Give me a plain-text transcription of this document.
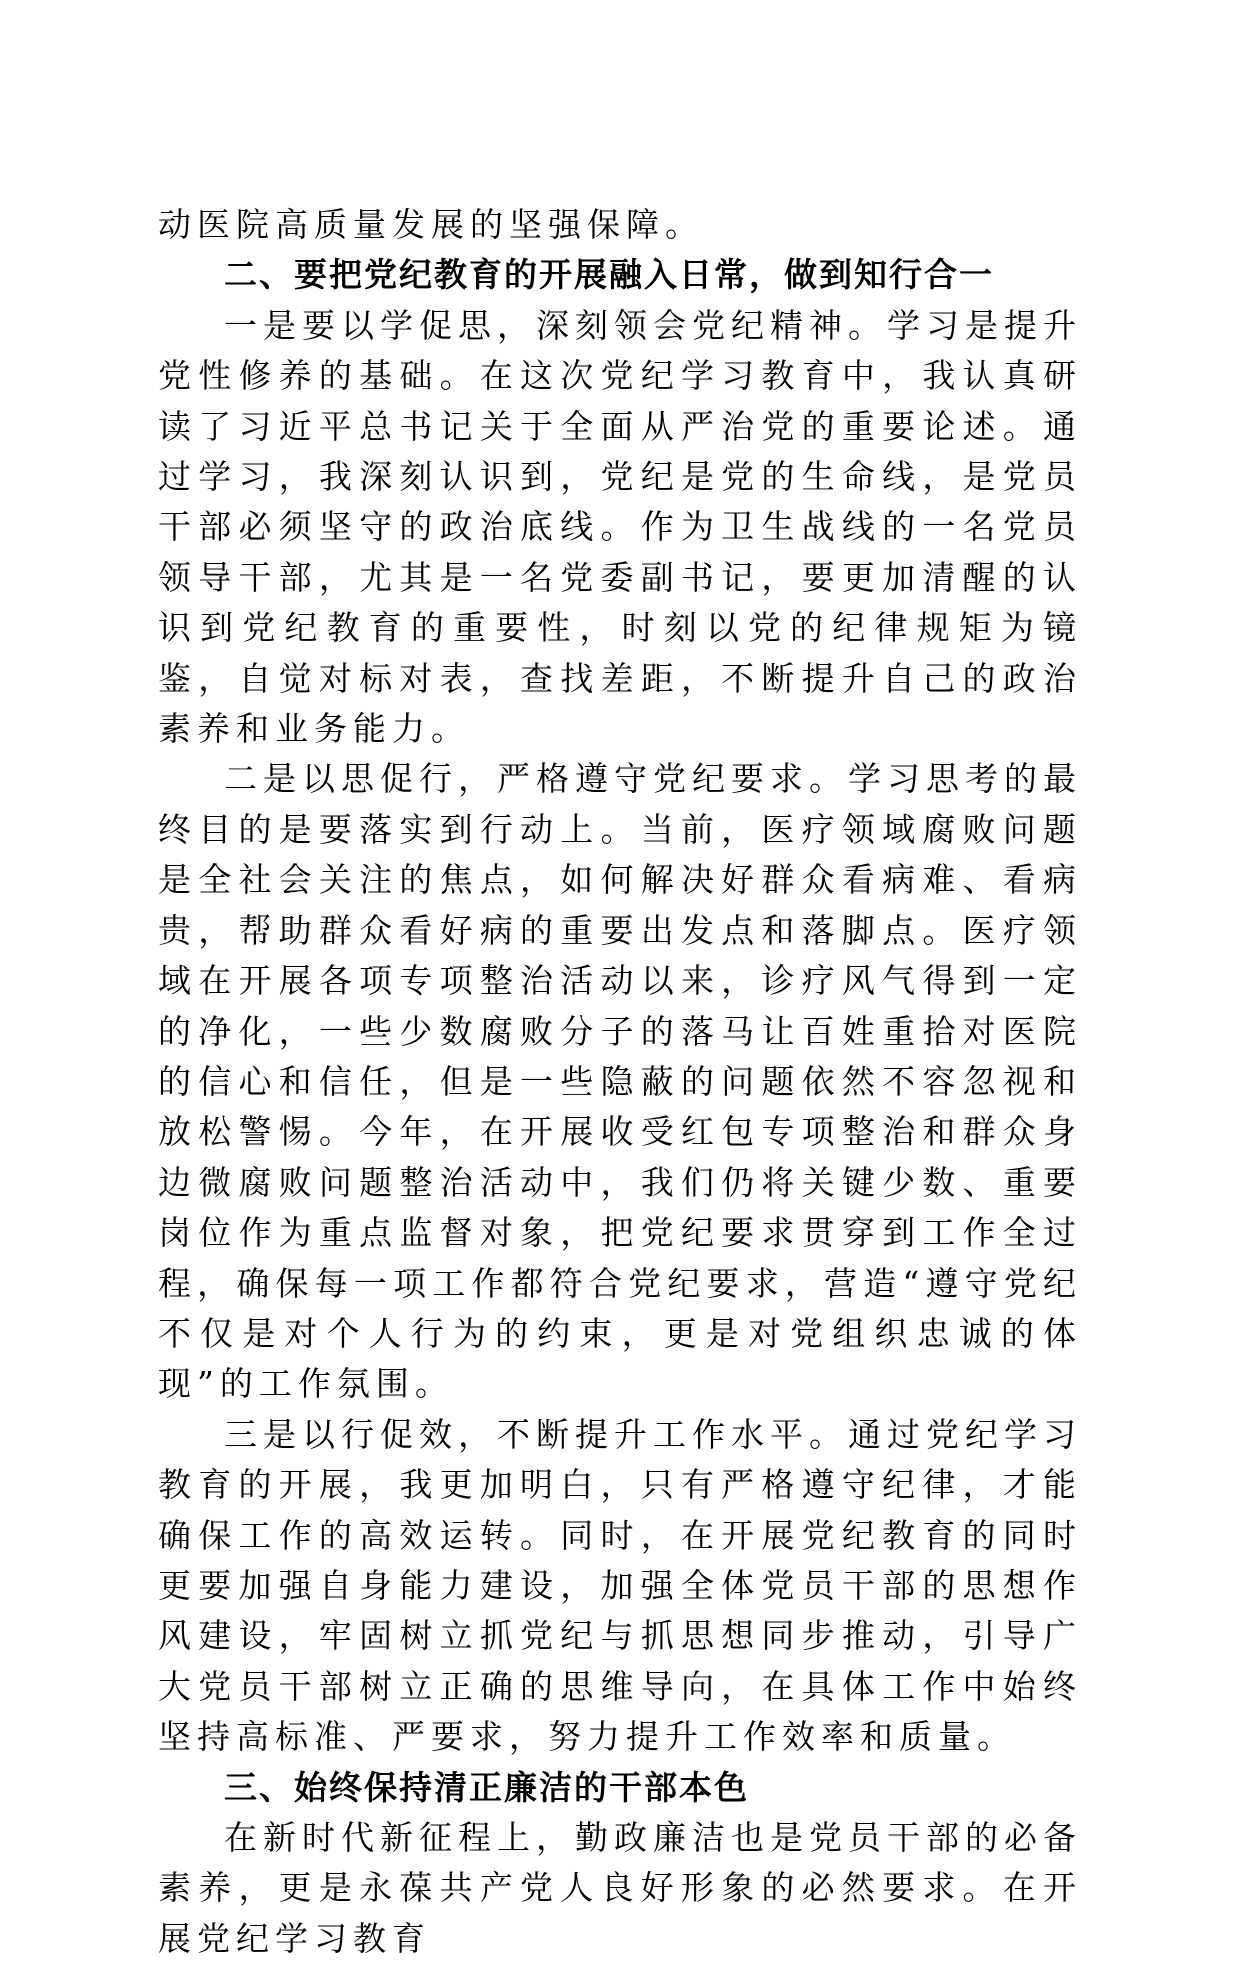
动医院高质量发展的坚强保障。

二、要把党纪教育的开展融入日常，做到知行合一

一是要以学促思，深刻领会党纪精神。学习是提升党性修养的基础。在这次党纪学习教育中，我认真研读了习近平总书记关于全面从严治党的重要论述。通过学习，我深刻认识到，党纪是党的生命线，是党员干部必须坚守的政治底线。作为卫生战线的一名党员领导干部，尤其是一名党委副书记，要更加清醒的认识到党纪教育的重要性，时刻以党的纪律规矩为镜鉴，自觉对标对表，查找差距，不断提升自己的政治素养和业务能力。

二是以思促行，严格遵守党纪要求。学习思考的最终目的是要落实到行动上。当前，医疗领域腐败问题是全社会关注的焦点，如何解决好群众看病难、看病贵，帮助群众看好病的重要出发点和落脚点。医疗领域在开展各项专项整治活动以来，诊疗风气得到一定的净化，一些少数腐败分子的落马让百姓重拾对医院的信心和信任，但是一些隐蔽的问题依然不容忽视和放松警惕。今年，在开展收受红包专项整治和群众身边微腐败问题整治活动中，我们仍将关键少数、重要岗位作为重点监督对象，把党纪要求贯穿到工作全过程，确保每一项工作都符合党纪要求，营造“遵守党纪不仅是对个人行为的约束，更是对党组织忠诚的体现”的工作氛围。

三是以行促效，不断提升工作水平。通过党纪学习教育的开展，我更加明白，只有严格遵守纪律，才能确保工作的高效运转。同时，在开展党纪教育的同时更要加强自身能力建设，加强全体党员干部的思想作风建设，牢固树立抓党纪与抓思想同步推动，引导广大党员干部树立正确的思维导向，在具体工作中始终坚持高标准、严要求，努力提升工作效率和质量。

三、始终保持清正廉洁的干部本色

在新时代新征程上，勤政廉洁也是党员干部的必备素养，更是永葆共产党人良好形象的必然要求。在开展党纪学习教育
